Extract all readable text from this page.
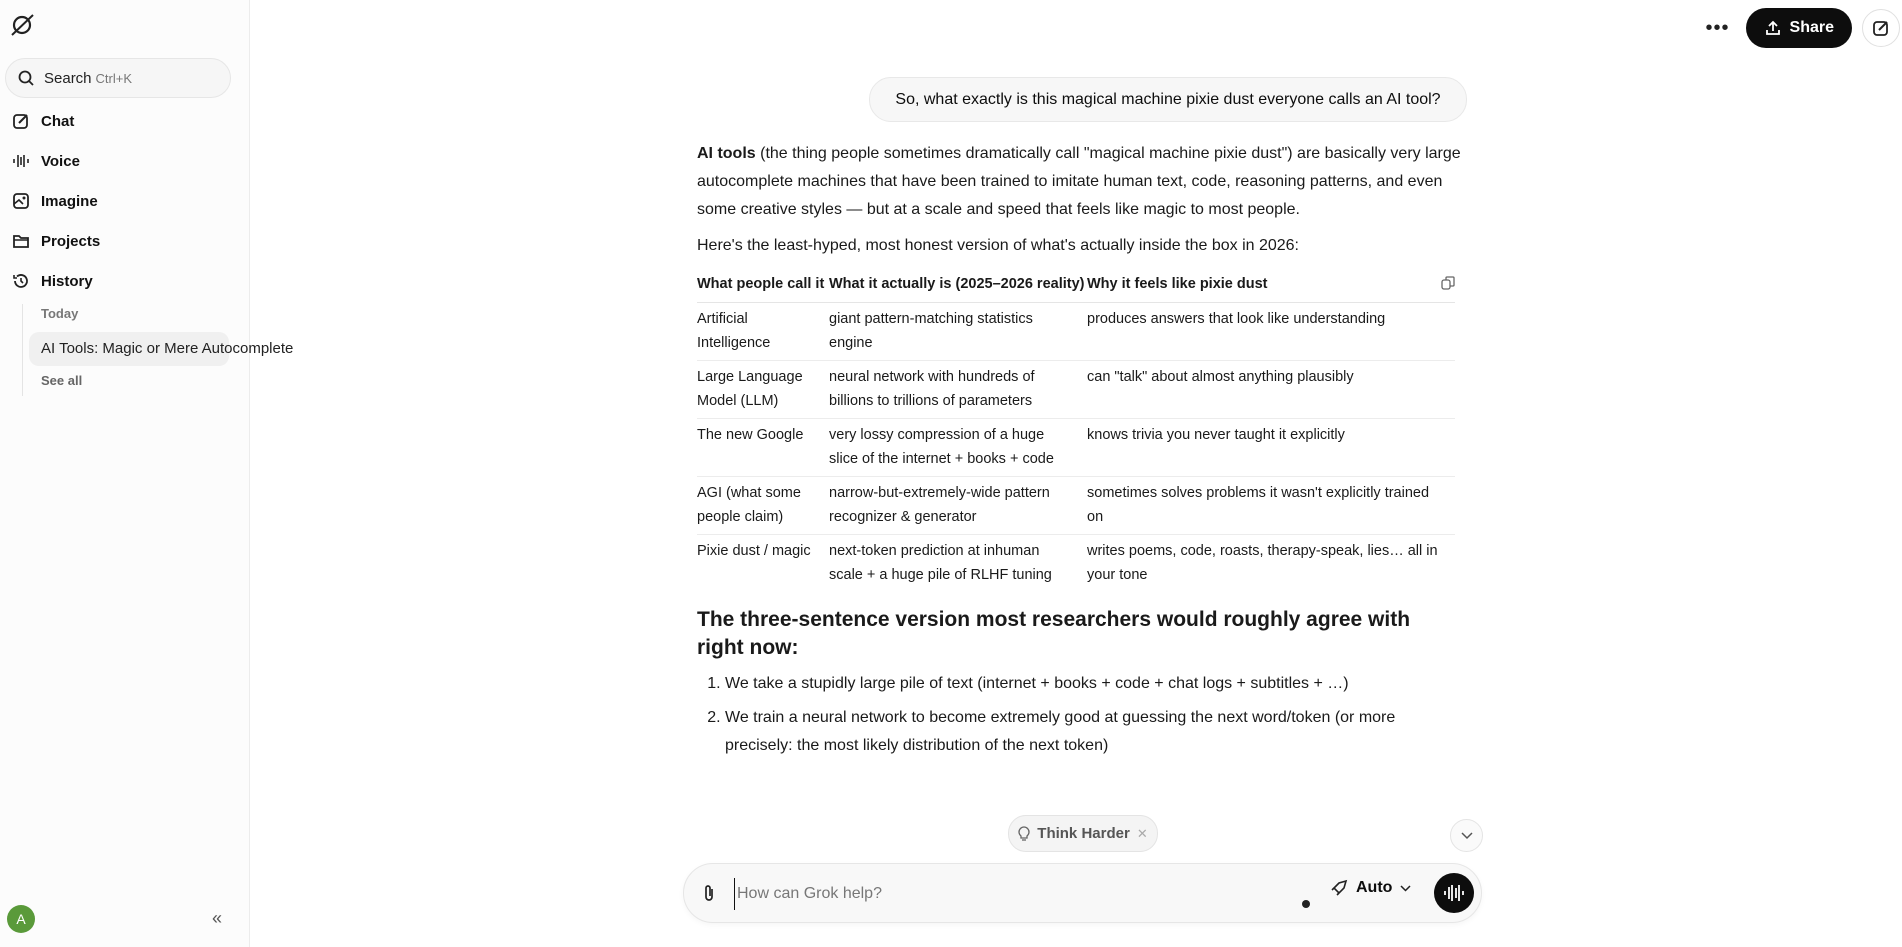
Search Ctrl+K
Chat
Voice
Imagine
Projects
History
Today
AI Tools: Magic or Mere Autocomplete
See all
A	«
•••	Share
So, what exactly is this magical machine pixie dust everyone calls an AI tool?

AI tools (the thing people sometimes dramatically call "magical machine pixie dust") are basically very large autocomplete machines that have been trained to imitate human text, code, reasoning patterns, and even some creative styles — but at a scale and speed that feels like magic to most people.

Here's the least-hyped, most honest version of what's actually inside the box in 2026:

What people call it	What it actually is (2025–2026 reality)	Why it feels like pixie dust

Artificial Intelligence	giant pattern-matching statistics engine	produces answers that look like understanding
Large Language Model (LLM)	neural network with hundreds of billions to trillions of parameters	can "talk" about almost anything plausibly
The new Google	very lossy compression of a huge slice of the internet + books + code	knows trivia you never taught it explicitly
AGI (what some people claim)	narrow-but-extremely-wide pattern recognizer & generator	sometimes solves problems it wasn't explicitly trained on
Pixie dust / magic	next-token prediction at inhuman scale + a huge pile of RLHF tuning	writes poems, code, roasts, therapy-speak, lies… all in your tone
The three-sentence version most researchers would roughly agree with right now:
1. We take a stupidly large pile of text (internet + books + code + chat logs + subtitles + …)
2. We train a neural network to become extremely good at guessing the next word/token (or more precisely: the most likely distribution of the next token)
Think Harder ✕
How can Grok help?
Auto
